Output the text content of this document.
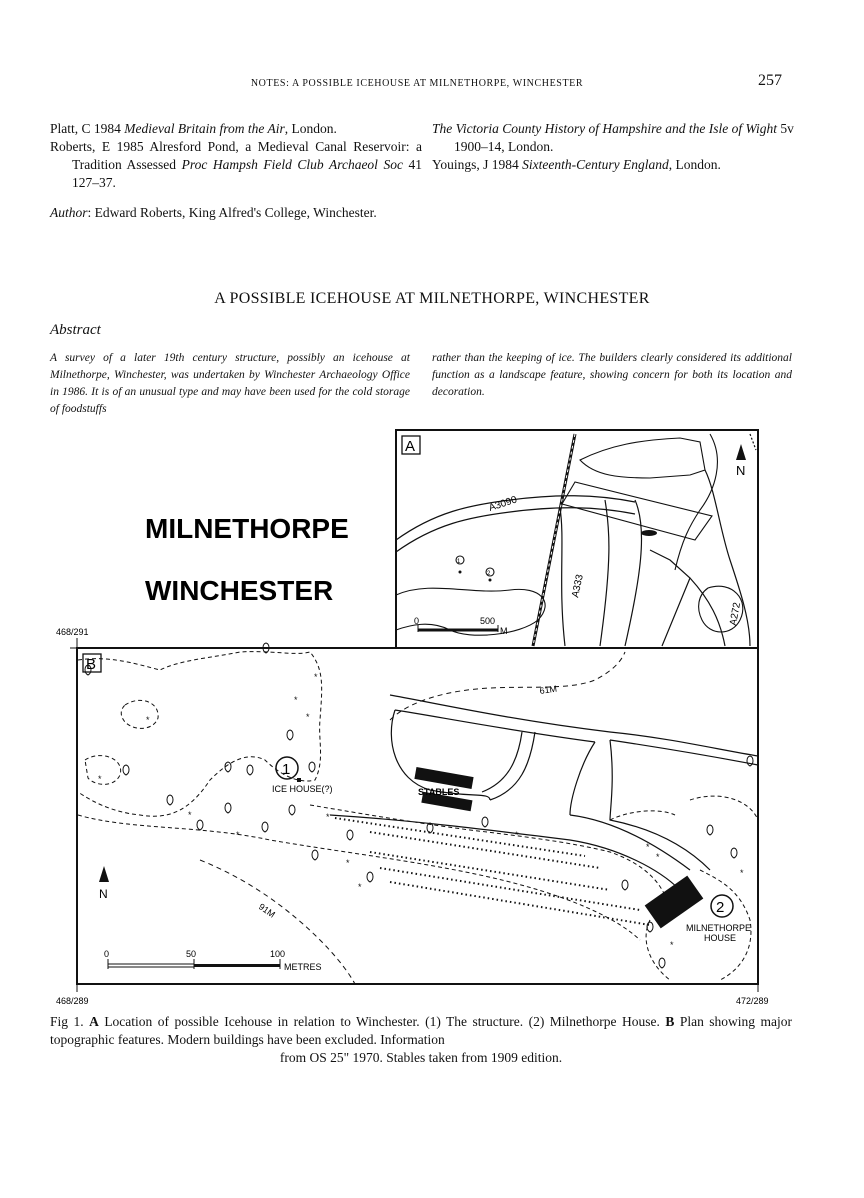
NOTES: A POSSIBLE ICEHOUSE AT MILNETHORPE, WINCHESTER	257

Platt, C 1984 Medieval Britain from the Air, London.

Roberts, E 1985 Alresford Pond, a Medieval Canal Reservoir: a Tradition Assessed Proc Hampsh Field Club Archaeol Soc 41 127–37.

The Victoria County History of Hampshire and the Isle of Wight 5v 1900–14, London.

Youings, J 1984 Sixteenth-Century England, London.

Author: Edward Roberts, King Alfred's College, Winchester.
A POSSIBLE ICEHOUSE AT MILNETHORPE, WINCHESTER
Abstract
A survey of a later 19th century structure, possibly an icehouse at Milnethorpe, Winchester, was undertaken by Winchester Archaeology Office in 1986. It is of an unusual type and may have been used for the cold storage of foodstuffs
rather than the keeping of ice. The builders clearly considered its additional function as a landscape feature, showing concern for both its location and decoration.
MILNETHORPE
WINCHESTER
A
N
A3090
A333
A272
1
2
0	500
M
B
468/291
468/289	472/289
61M
91M
STABLES
1
ICE HOUSE(?)
2
MILNETHORPE
HOUSE
*
*
*
*
*
*
*
*
*
*
*
*
*
*
*
N
0	50	100
METRES
Fig 1. A Location of possible Icehouse in relation to Winchester. (1) The structure. (2) Milnethorpe House. B Plan showing major topographic features. Modern buildings have been excluded. Information
from OS 25" 1970. Stables taken from 1909 edition.
